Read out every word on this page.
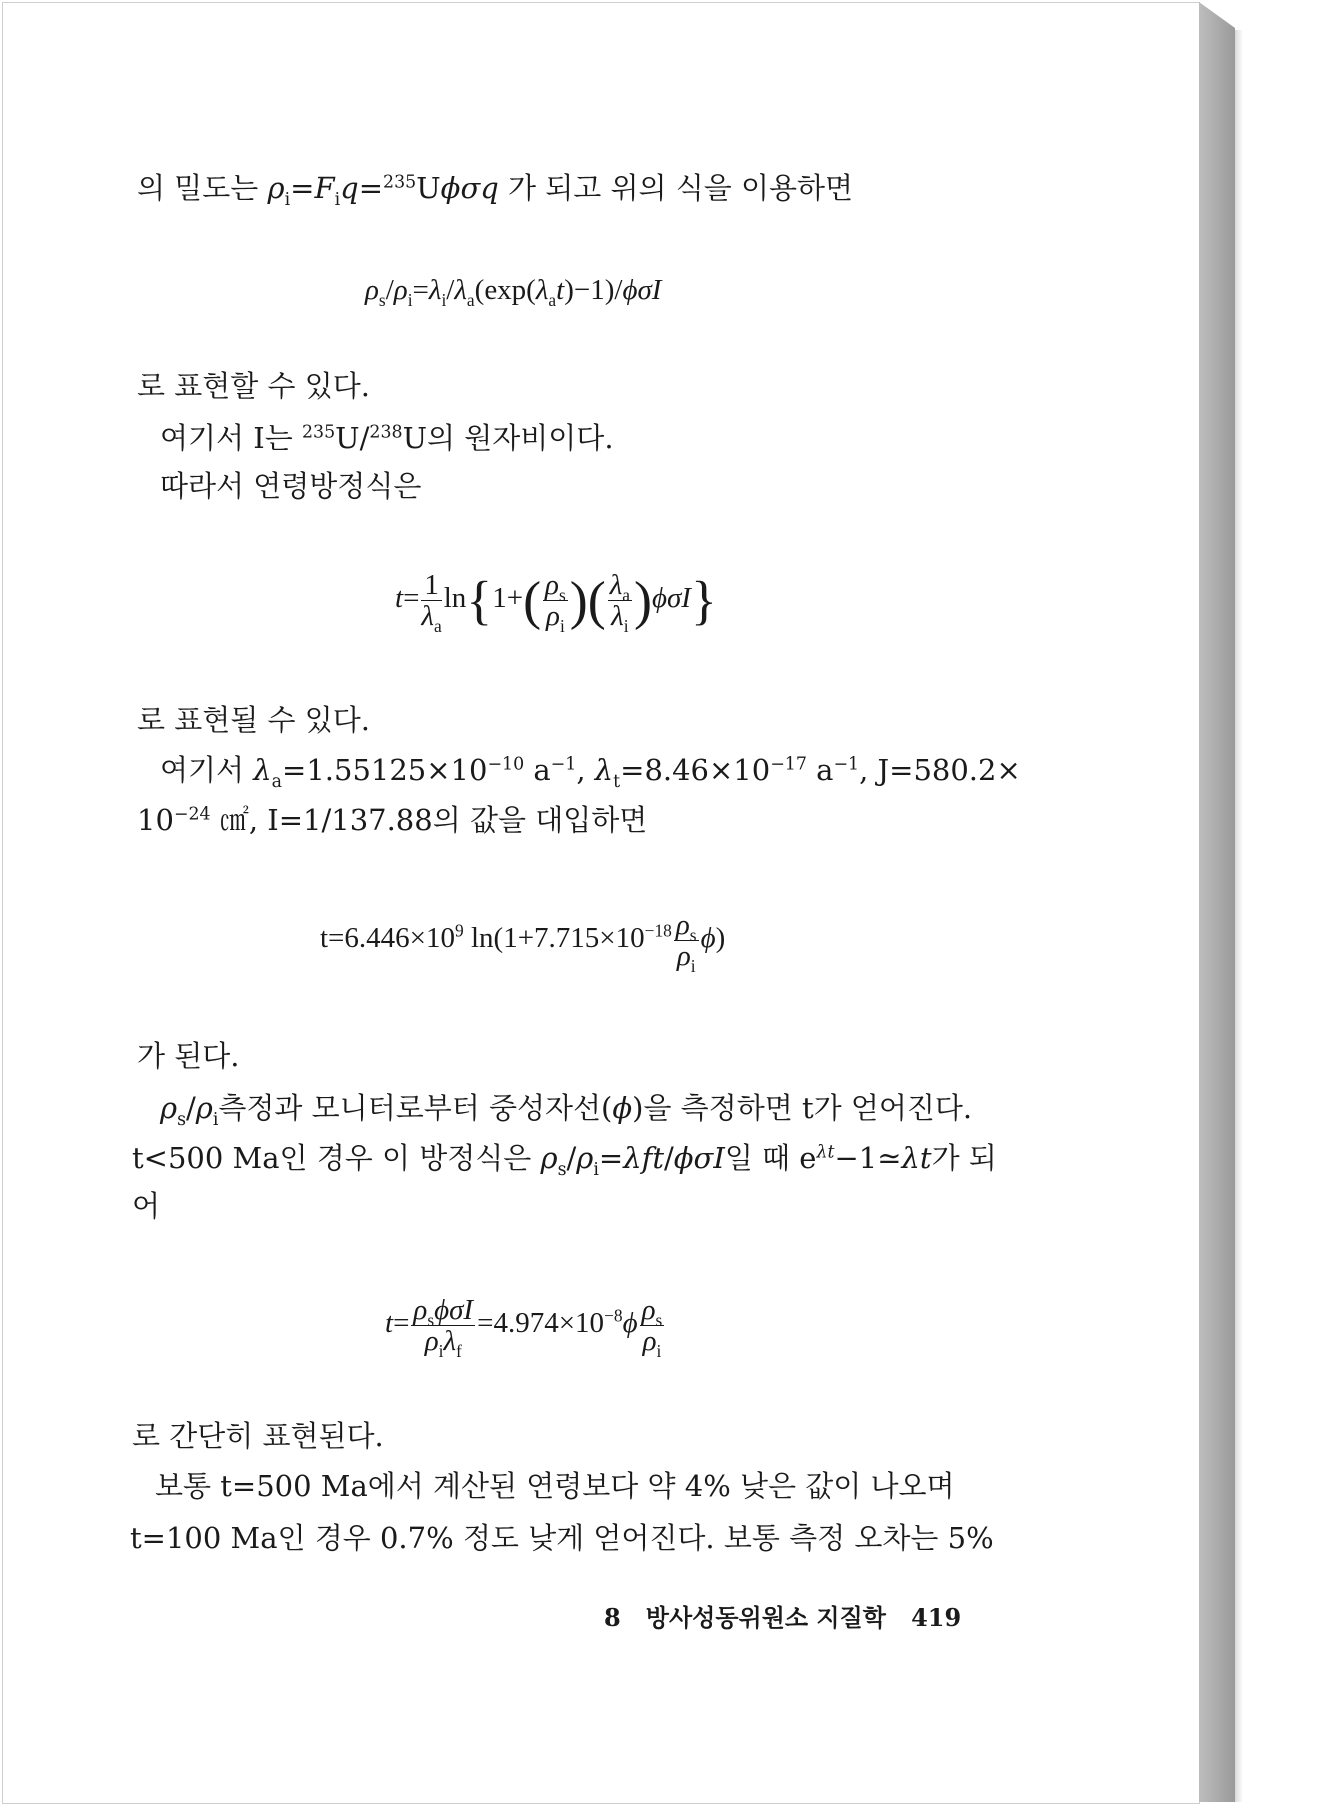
의 밀도는 $\rho_i=F_iq=^{235}U\phi\sigma q$ 가 되고 위의 식을 이용하면
$\rho_s/\rho_i=\lambda_i/\lambda_a(\exp(\lambda_at)-1)$/ϕσI
로 표현할 수 있다.
여기서 I는 $^{235}$U/$^{238}$U의 원자비이다.
따라서 연령방정식은
$t= \frac{1}{\lambda_a} \ln\{1+( \frac{\rho_s}{\rho_i}$ )( $\frac{\lambda_a}{\lambda_i} )\phi\sigma I$}
로 표현될 수 있다.
여기서 $\lambda_a=1.55125\times 10^{-10}$ $a^{-1}$, $\lambda_t=8.46\times 10^{-17}$ $a^{-1}$, J=580.2×
$10^{-24}$ ㎠, I=1/137.88의 값을 대입하면
$t=6.446\times 10^9$ $\ln(1+7.715\times 10^{-18} \frac{\rho_s}{\rho_i} \phi)$
가 된다.
$\rho_s/\rho_i$측정과 모니터로부터 중성자선(ϕ)을 측정하면 t가 얻어진다.
t<500 Ma인 경우 이 방정식은 $\rho_s/\rho_i=\lambda ft$/ϕσI일 때 $e^{\lambda t}-1≃\lambda t$가 되
어
$t= \frac{\rho_s\phi\sigma I}{\rho_i\lambda_f} =4.974\times 10^{-8}\phi \frac{\rho_s}{\rho_i}$
로 간단히 표현된다.
보통 t=500 Ma에서 계산된 연령보다 약 4% 낮은 값이 나오며
t=100 Ma인 경우 0.7% 정도 낮게 얻어진다. 보통 측정 오차는 5%
8 방사성동위원소 지질학 419
